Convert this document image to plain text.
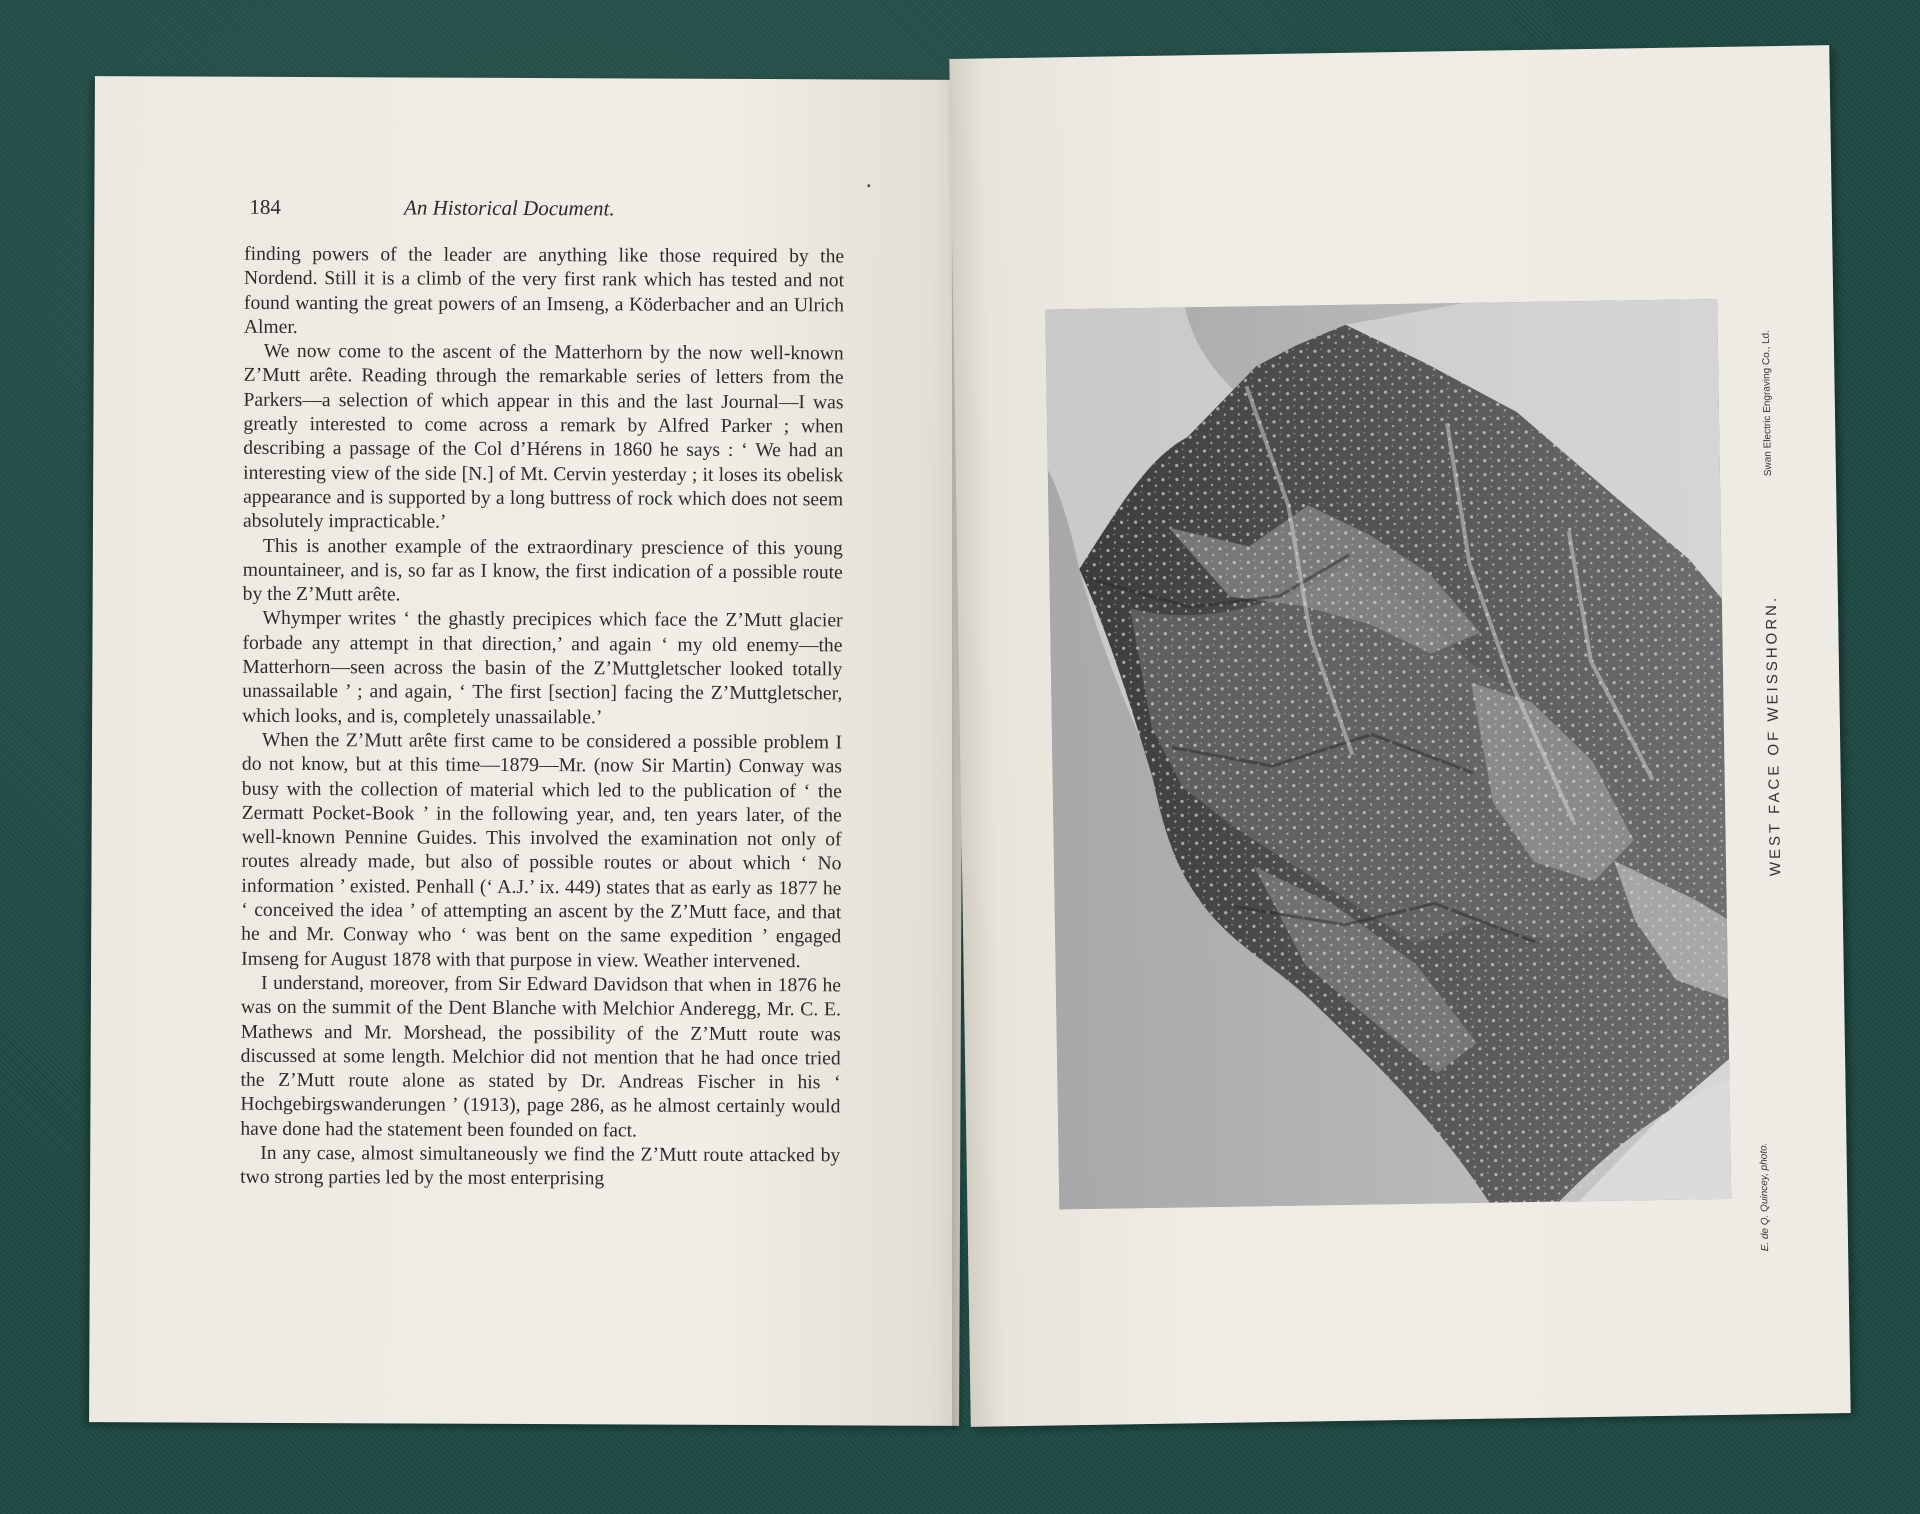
184	An Historical Document.

finding powers of the leader are anything like those required by the Nordend. Still it is a climb of the very first rank which has tested and not found wanting the great powers of an Imseng, a Köderbacher and an Ulrich Almer.

We now come to the ascent of the Matterhorn by the now well-known Z’Mutt arête. Reading through the remarkable series of letters from the Parkers—a selection of which appear in this and the last Journal—I was greatly interested to come across a remark by Alfred Parker ; when describing a passage of the Col d’Hérens in 1860 he says : ‘ We had an interesting view of the side [N.] of Mt. Cervin yesterday ; it loses its obelisk appearance and is supported by a long buttress of rock which does not seem absolutely impracticable.’

This is another example of the extraordinary prescience of this young mountaineer, and is, so far as I know, the first indication of a possible route by the Z’Mutt arête.

Whymper writes ‘ the ghastly precipices which face the Z’Mutt glacier forbade any attempt in that direction,’ and again ‘ my old enemy—the Matterhorn—seen across the basin of the Z’Muttgletscher looked totally unassailable ’ ; and again, ‘ The first [section] facing the Z’Muttgletscher, which looks, and is, completely unassailable.’

When the Z’Mutt arête first came to be considered a possible problem I do not know, but at this time—1879—Mr. (now Sir Martin) Conway was busy with the collection of material which led to the publication of ‘ the Zermatt Pocket-Book ’ in the following year, and, ten years later, of the well-known Pennine Guides. This involved the examination not only of routes already made, but also of possible routes or about which ‘ No information ’ existed. Penhall (‘ A.J.’ ix. 449) states that as early as 1877 he ‘ conceived the idea ’ of attempting an ascent by the Z’Mutt face, and that he and Mr. Conway who ‘ was bent on the same expedition ’ engaged Imseng for August 1878 with that purpose in view. Weather intervened.

I understand, moreover, from Sir Edward Davidson that when in 1876 he was on the summit of the Dent Blanche with Melchior Anderegg, Mr. C. E. Mathews and Mr. Morshead, the possibility of the Z’Mutt route was discussed at some length. Melchior did not mention that he had once tried the Z’Mutt route alone as stated by Dr. Andreas Fischer in his ‘ Hochgebirgswanderungen ’ (1913), page 286, as he almost certainly would have done had the statement been founded on fact.

In any case, almost simultaneously we find the Z’Mutt route attacked by two strong parties led by the most enterprising

WEST FACE OF WEISSHORN.
E. de Q. Quincey, photo.
Swan Electric Engraving Co., Ld.
